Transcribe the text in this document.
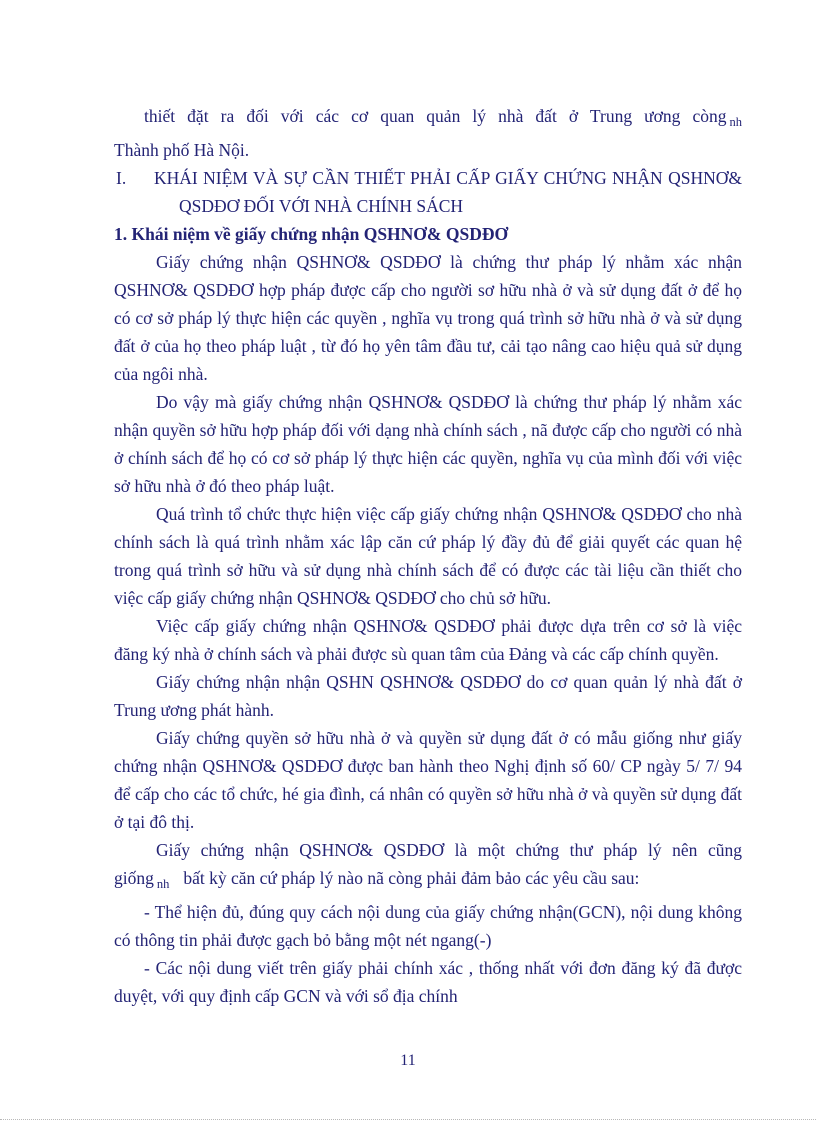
thiết đặt ra đối với các cơ quan quản lý nhà đất ở Trung ương còng $_{nh}$

Thành phố Hà Nội.

I.	KHÁI NIỆM VÀ SỰ CẦN THIẾT PHẢI CẤP GIẤY CHỨNG NHẬN QSHNƠ&
QSDĐƠ ĐỐI VỚI NHÀ CHÍNH SÁCH

1. Khái niệm về giấy chứng nhận QSHNƠ& QSDĐƠ

Giấy chứng nhận QSHNƠ& QSDĐƠ là chứng thư pháp lý nhằm xác nhận QSHNƠ& QSDĐƠ hợp pháp được cấp cho người sơ hữu nhà ở và sử dụng đất ở để họ có cơ sở pháp lý thực hiện các quyền , nghĩa vụ trong quá trình sở hữu nhà ở và sử dụng đất ở của họ theo pháp luật , từ đó họ yên tâm đầu tư, cải tạo nâng cao hiệu quả sử dụng của ngôi nhà.

Do vậy mà giấy chứng nhận QSHNƠ& QSDĐƠ là chứng thư pháp lý nhằm xác nhận quyền sở hữu hợp pháp đối với dạng nhà chính sách , nã được cấp cho người có nhà ở chính sách để họ có cơ sở pháp lý thực hiện các quyền, nghĩa vụ của mình đối với việc sở hữu nhà ở đó theo pháp luật.

Quá trình tổ chức thực hiện việc cấp giấy chứng nhận QSHNƠ& QSDĐƠ cho nhà chính sách là quá trình nhằm xác lập căn cứ pháp lý đầy đủ để giải quyết các quan hệ trong quá trình sở hữu và sử dụng nhà chính sách để có được các tài liệu cần thiết cho việc cấp giấy chứng nhận QSHNƠ& QSDĐƠ cho chủ sở hữu.

Việc cấp giấy chứng nhận QSHNƠ& QSDĐƠ phải được dựa trên cơ sở là việc đăng ký nhà ở chính sách và phải được sù quan tâm của Đảng và các cấp chính quyền.

Giấy chứng nhận nhận QSHN QSHNƠ& QSDĐƠ do cơ quan quản lý nhà đất ở Trung ương phát hành.

Giấy chứng quyền sở hữu nhà ở và quyền sử dụng đất ở có mẫu giống như giấy chứng nhận QSHNƠ& QSDĐƠ được ban hành theo Nghị định số 60/ CP ngày 5/ 7/ 94 để cấp cho các tổ chức, hé gia đình, cá nhân có quyền sở hữu nhà ở và quyền sử dụng đất ở tại đô thị.

Giấy chứng nhận QSHNƠ& QSDĐƠ là một chứng thư pháp lý nên cũng

giống $_{nh}$ bất kỳ căn cứ pháp lý nào nã còng phải đảm bảo các yêu cầu sau:

- Thể hiện đủ, đúng quy cách nội dung của giấy chứng nhận(GCN), nội dung không có thông tin phải được gạch bỏ bằng một nét ngang(-)

- Các nội dung viết trên giấy phải chính xác , thống nhất với đơn đăng ký đã được duyệt, với quy định cấp GCN và với sổ địa chính

11
